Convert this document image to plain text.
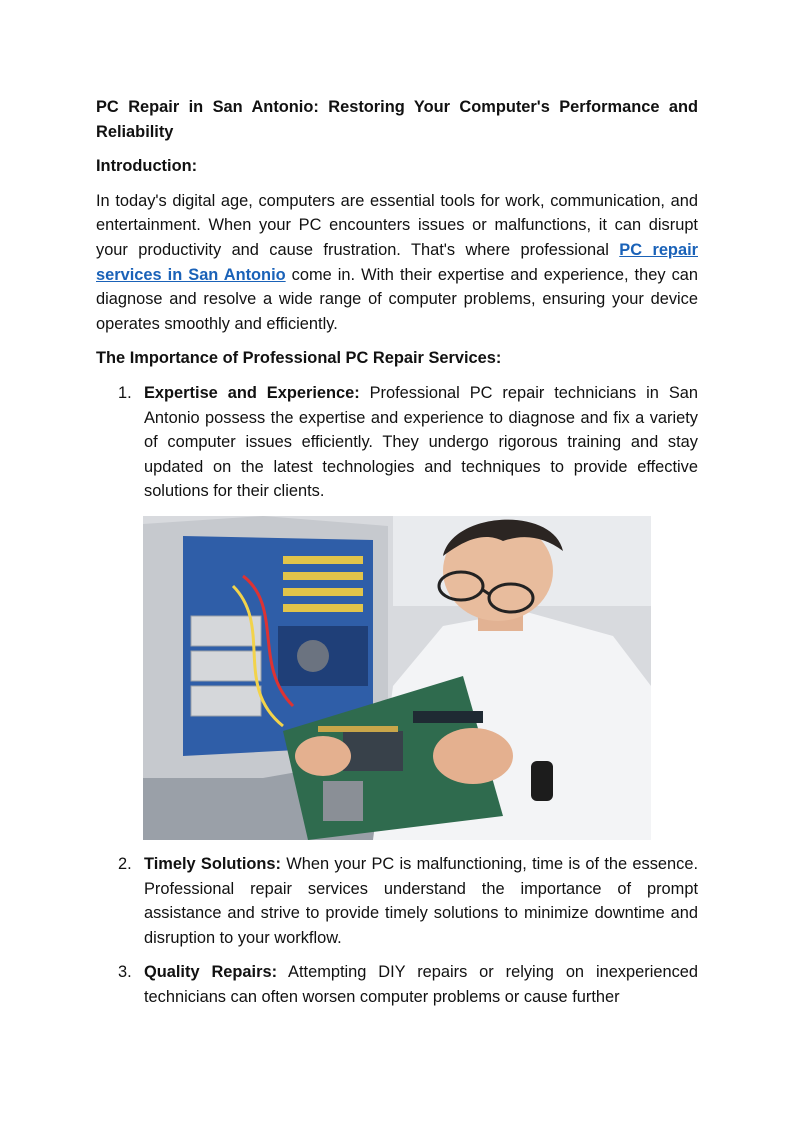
PC Repair in San Antonio: Restoring Your Computer's Performance and Reliability

Introduction:

In today's digital age, computers are essential tools for work, communication, and entertainment. When your PC encounters issues or malfunctions, it can disrupt your productivity and cause frustration. That's where professional PC repair services in San Antonio come in. With their expertise and experience, they can diagnose and resolve a wide range of computer problems, ensuring your device operates smoothly and efficiently.

The Importance of Professional PC Repair Services:

1. Expertise and Experience: Professional PC repair technicians in San Antonio possess the expertise and experience to diagnose and fix a variety of computer issues efficiently. They undergo rigorous training and stay updated on the latest technologies and techniques to provide effective solutions for their clients.
2. Timely Solutions: When your PC is malfunctioning, time is of the essence. Professional repair services understand the importance of prompt assistance and strive to provide timely solutions to minimize downtime and disruption to your workflow.
3. Quality Repairs: Attempting DIY repairs or relying on inexperienced technicians can often worsen computer problems or cause further
